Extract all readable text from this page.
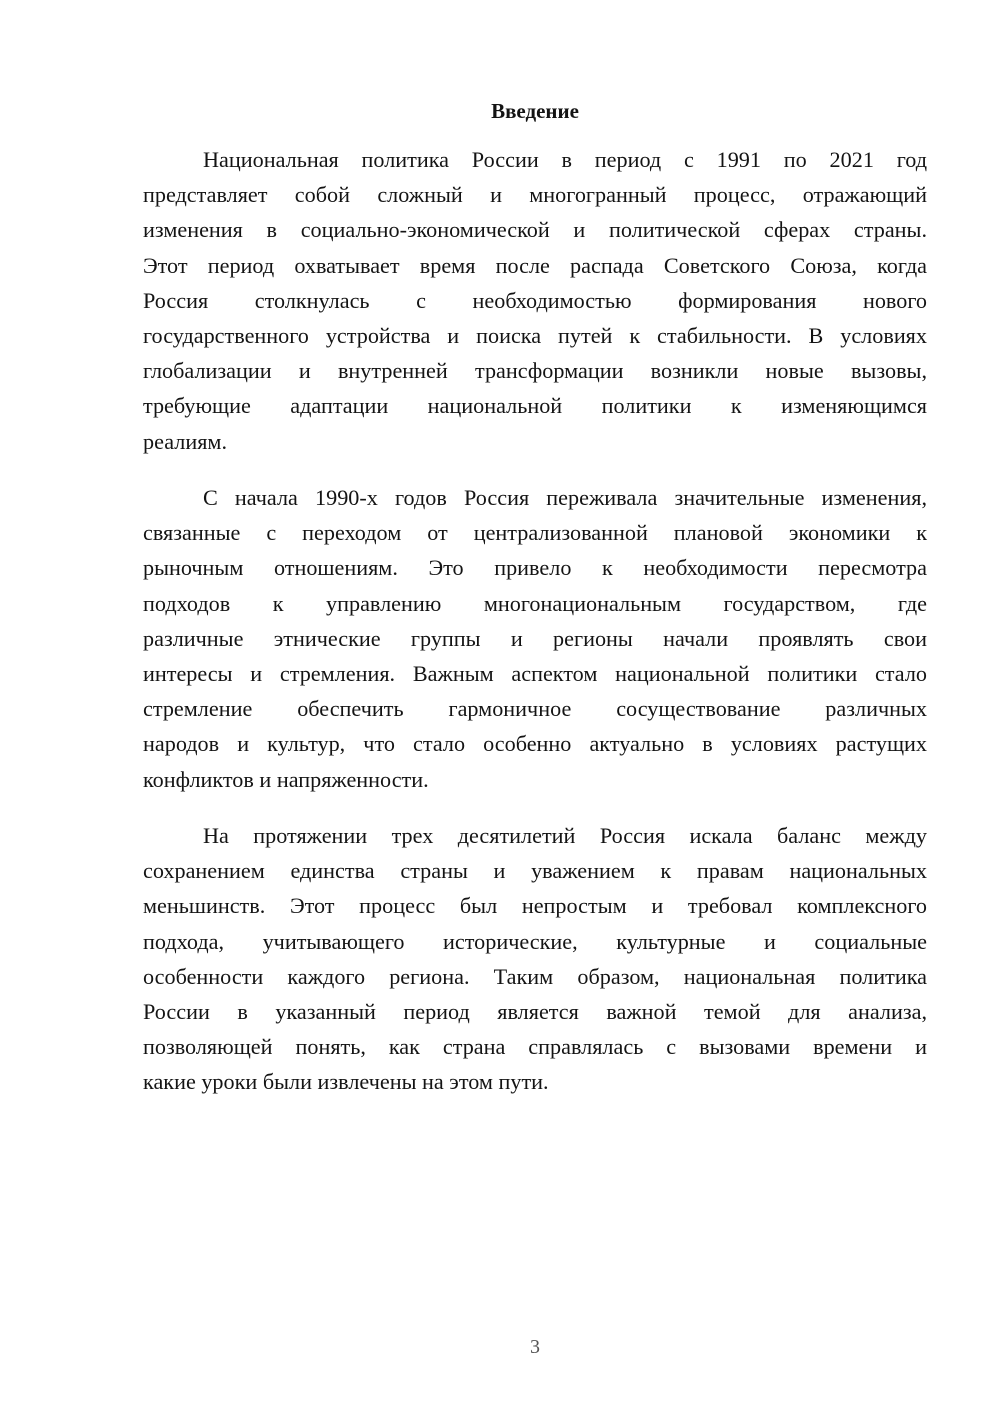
Введение
Национальная политика России в период с 1991 по 2021 год
представляет собой сложный и многогранный процесс, отражающий
изменения в социально-экономической и политической сферах страны.
Этот период охватывает время после распада Советского Союза, когда
Россия столкнулась с необходимостью формирования нового
государственного устройства и поиска путей к стабильности. В условиях
глобализации и внутренней трансформации возникли новые вызовы,
требующие адаптации национальной политики к изменяющимся
реалиям.
С начала 1990-х годов Россия переживала значительные изменения,
связанные с переходом от централизованной плановой экономики к
рыночным отношениям. Это привело к необходимости пересмотра
подходов к управлению многонациональным государством, где
различные этнические группы и регионы начали проявлять свои
интересы и стремления. Важным аспектом национальной политики стало
стремление обеспечить гармоничное сосуществование различных
народов и культур, что стало особенно актуально в условиях растущих
конфликтов и напряженности.
На протяжении трех десятилетий Россия искала баланс между
сохранением единства страны и уважением к правам национальных
меньшинств. Этот процесс был непростым и требовал комплексного
подхода, учитывающего исторические, культурные и социальные
особенности каждого региона. Таким образом, национальная политика
России в указанный период является важной темой для анализа,
позволяющей понять, как страна справлялась с вызовами времени и
какие уроки были извлечены на этом пути.
3
